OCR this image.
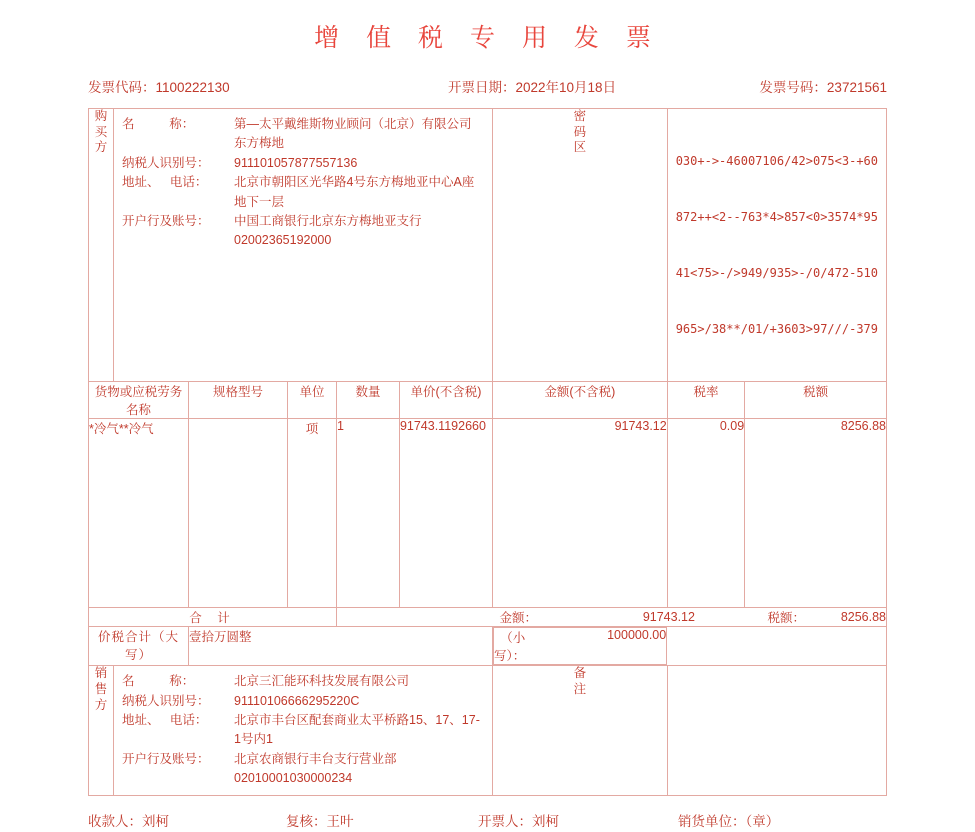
增 值 税 专 用 发 票
发票代码：1100222130	开票日期：2022年10月18日	发票号码：23721561
购
买
方

名          称：	第—太平戴维斯物业顾问（北京）有限公司东方梅地
纳税人识别号：	911101057877557136
地址、   电话：	北京市朝阳区光华路4号东方梅地亚中心A座地下一层
开户行及账号：	中国工商银行北京东方梅地亚支行02002365192000

密
码
区

030+->-46007106/42>075<3-+60

872++<2--763*4>857<0>3574*95

41<75>-/>949/935>-/0/472-510

965>/38**/01/+3603>97///-379

货物或应税劳务名称		规格型号	单位	数量	单价(不含税)	金额(不含税)	税率	税额
*冷气**冷气			项	1	91743.1192660	91743.12	0.09	8256.88
合 计				金额： 91743.12 税额： 8256.88				

价税合计（大写）		壹拾万圆整		（小写）：
100000.00

销
售
方

名          称：	北京三汇能环科技发展有限公司
纳税人识别号：	91110106666295220C
地址、   电话：	北京市丰台区配套商业太平桥路15、17、17-1号内1
开户行及账号：	北京农商银行丰台支行营业部02010001030000234

备
注

收款人：刘柯	复核：王叶	开票人：刘柯	销货单位：（章）
